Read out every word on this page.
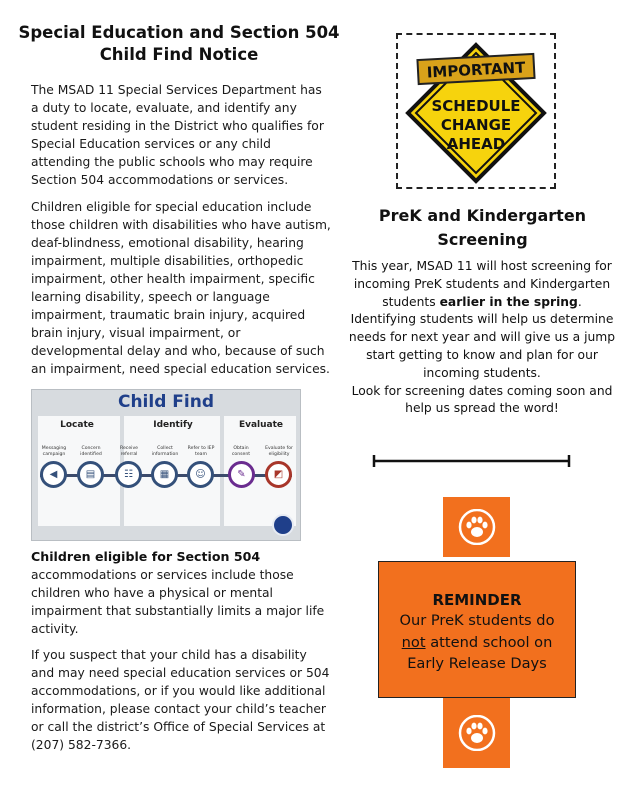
Special Education and Section 504
Child Find Notice

The MSAD 11 Special Services Department has a duty to locate, evaluate, and identify any student residing in the District who qualifies for Special Education services or any child attending the public schools who may require Section 504 accommodations or services.

Children eligible for special education include those children with disabilities who have autism, deaf-blindness, emotional disability, hearing impairment, multiple disabilities, orthopedic impairment, other health impairment, specific learning disability, speech or language impairment, traumatic brain injury, acquired brain injury, visual impairment, or developmental delay and who, because of such an impairment, need special education services.

Child Find
Locate	Identify	Evaluate
Messaging campaign
Concern identified
Receive referral
Collect information
Refer to IEP team
Obtain consent
Evaluate for eligibility
◀	▤	☷	▦	☺	✎	◩

Children eligible for Section 504 accommodations or services include those children who have a physical or mental impairment that substantially limits a major life activity.

If you suspect that your child has a disability and may need special education services or 504 accommodations, or if you would like additional information, please contact your child’s teacher or call the district’s Office of Special Services at (207) 582-7366.

IMPORTANT
SCHEDULE
CHANGE
AHEAD
PreK and Kindergarten
Screening

This year, MSAD 11 will host screening for incoming PreK students and Kindergarten students earlier in the spring.

Identifying students will help us determine needs for next year and will give us a jump start getting to know and plan for our incoming students.

Look for screening dates coming soon and help us spread the word!

REMINDER
Our PreK students do
not attend school on
Early Release Days
